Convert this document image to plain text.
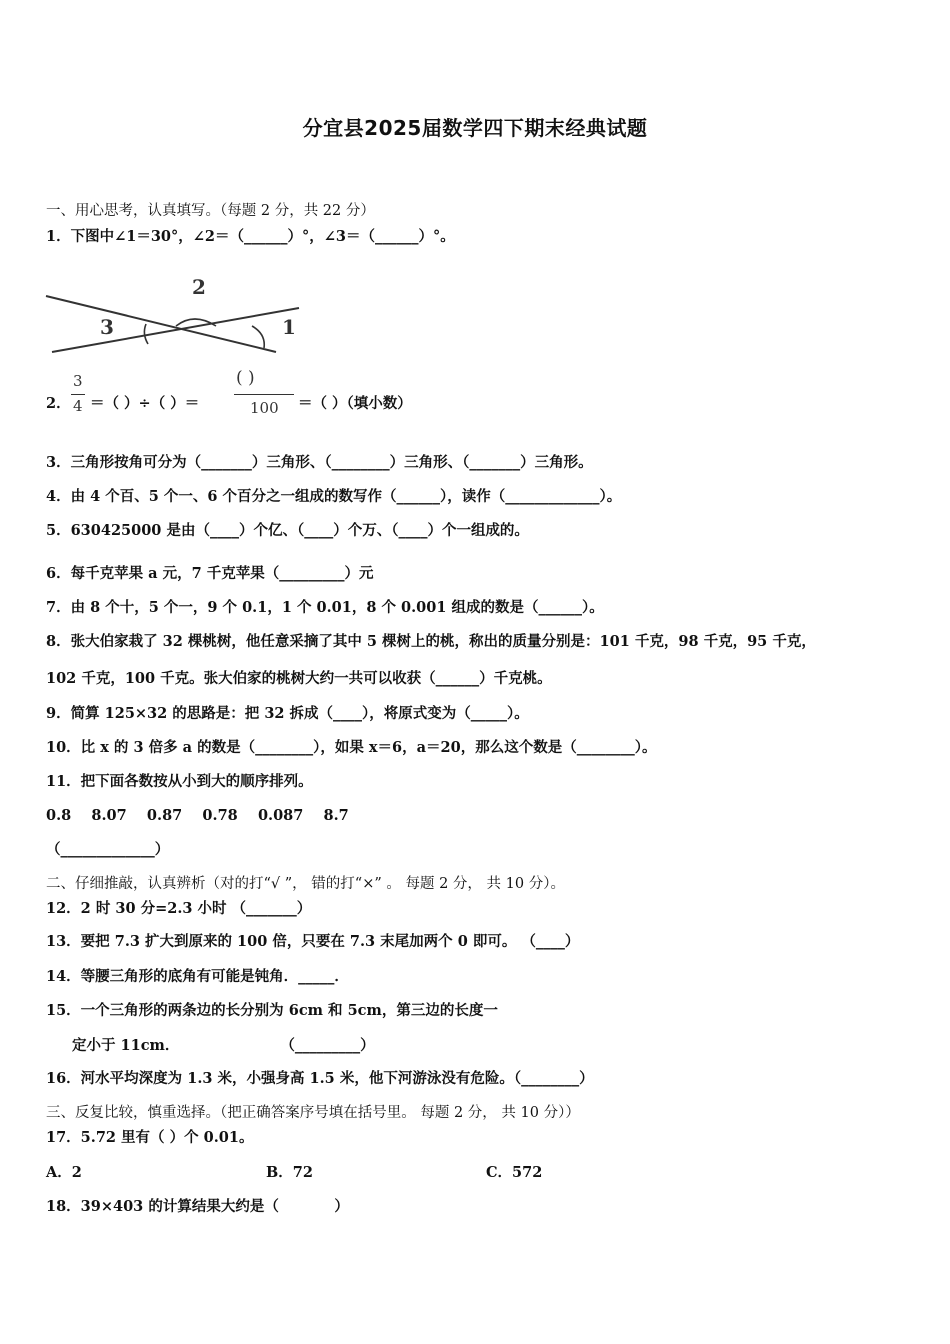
分宜县2025届数学四下期末经典试题
一、用心思考，认真填写。（每题 2 分，共 22 分）
1．下图中∠1＝30°，∠2＝（______）°，∠3＝（______）°。
3
2
1
2．
3
4 ＝（ ）÷（ ）＝
( )
100 ＝（ ）（填小数）
3．三角形按角可分为（_______）三角形、（________）三角形、（_______）三角形。
4．由 4 个百、5 个一、6 个百分之一组成的数写作（______），读作（_____________）。
5．630425000 是由（____）个亿、（____）个万、（____）个一组成的。
6．每千克苹果 a 元，7 千克苹果（_________）元
7．由 8 个十，5 个一，9 个 0.1，1 个 0.01，8 个 0.001 组成的数是（______）。
8．张大伯家栽了 32 棵桃树，他任意采摘了其中 5 棵树上的桃，称出的质量分别是：101 千克，98 千克，95 千克，
102 千克，100 千克。张大伯家的桃树大约一共可以收获（______）千克桃。
9．简算 125×32 的思路是：把 32 拆成（____），将原式变为（_____）。
10．比 x 的 3 倍多 a 的数是（________），如果 x＝6，a＝20，那么这个数是（________）。
11．把下面各数按从小到大的顺序排列。
0.8    8.07    0.87    0.78    0.087    8.7
（_____________）
二、仔细推敲，认真辨析（对的打“√ ”， 错的打“×” 。 每题 2 分， 共 10 分）。
12．2 时 30 分=2.3 小时 （_______）
13．要把 7.3 扩大到原来的 100 倍，只要在 7.3 末尾加两个 0 即可。 （____）
14．等腰三角形的底角有可能是钝角．_____．
15．一个三角形的两条边的长分别为 6cm 和 5cm，第三边的长度一
定小于 11cm．                    （_________）
16．河水平均深度为 1.3 米，小强身高 1.5 米，他下河游泳没有危险。（________）
三、反复比较，慎重选择。（把正确答案序号填在括号里。 每题 2 分， 共 10 分））
17．5.72 里有（ ）个 0.01。
A．2	B．72	C．572
18．39×403 的计算结果大约是（           ）
